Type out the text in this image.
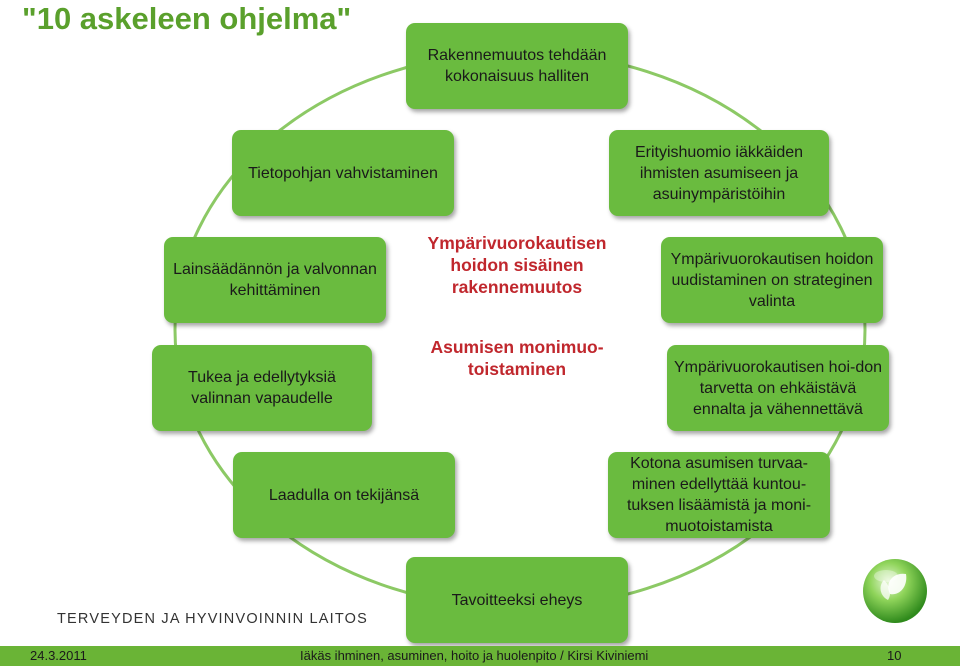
"10 askeleen ohjelma"
Rakennemuutos tehdään kokonaisuus halliten
Tietopohjan vahvistaminen
Erityishuomio iäkkäiden ihmisten asumiseen ja asuinympäristöihin
Lainsäädännön ja valvonnan kehittäminen
Ympärivuorokautisen hoidon uudistaminen on strateginen valinta
Tukea ja edellytyksiä valinnan vapaudelle
Ympärivuorokautisen hoi-don tarvetta on ehkäistävä ennalta ja vähennettävä
Laadulla on tekijänsä
Kotona asumisen turvaa-minen edellyttää kuntou-tuksen lisäämistä ja moni-muotoistamista
Tavoitteeksi eheys
Ympärivuorokautisen hoidon sisäinen rakennemuutos
Asumisen monimuo-toistaminen
TERVEYDEN JA HYVINVOINNIN LAITOS
24.3.2011	Iäkäs ihminen, asuminen, hoito ja huolenpito / Kirsi Kiviniemi	10
